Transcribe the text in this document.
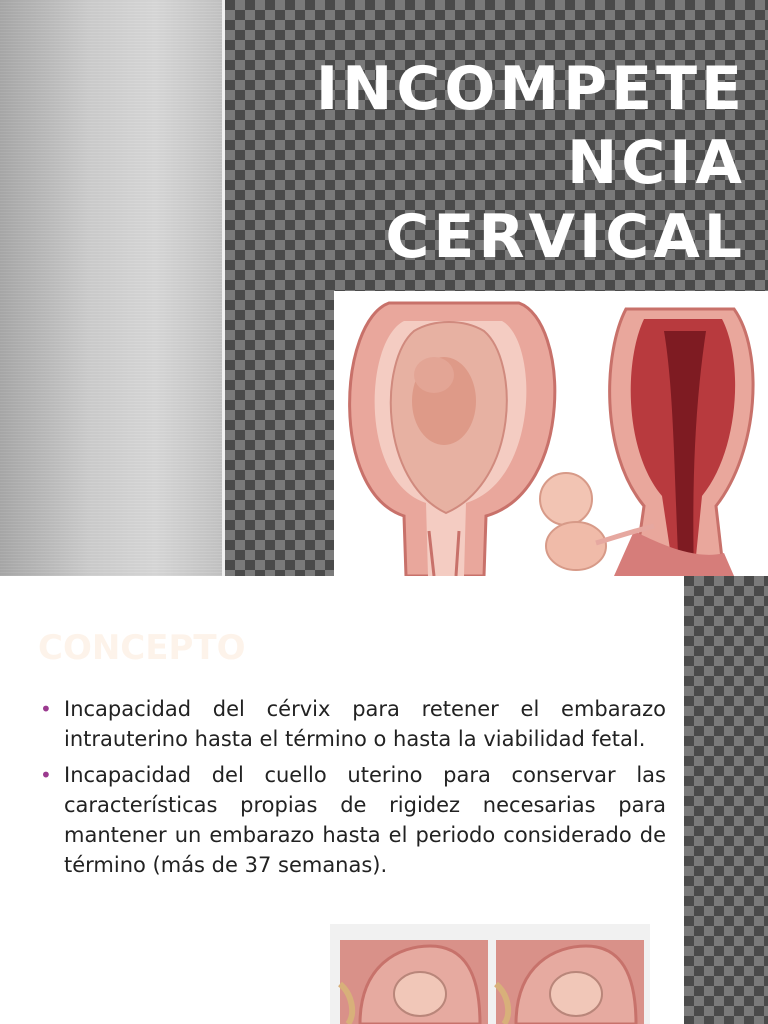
INCOMPETE
NCIA
CERVICAL
CONCEPTO
• Incapacidad del cérvix para retener el embarazo intrauterino hasta el término o hasta la viabilidad fetal.
• Incapacidad del cuello uterino para conservar las características propias de rigidez necesarias para mantener un embarazo hasta el periodo considerado de término (más de 37 semanas).
